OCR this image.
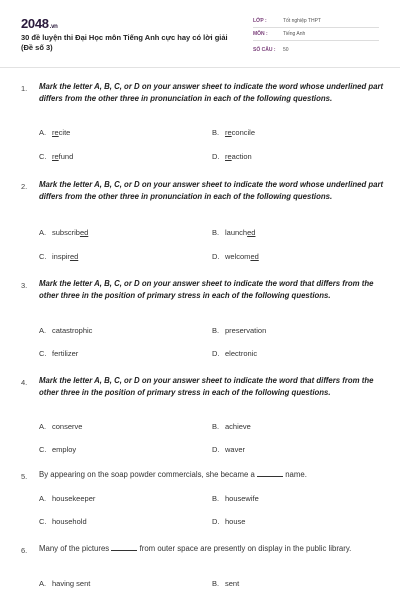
2048.vn
30 đề luyện thi Đại Học môn Tiếng Anh cực hay có lời giải
(Đề số 3)
LỚP :	Tốt nghiệp THPT
MÔN :	Tiếng Anh
SỐ CÂU : 50
1. Mark the letter A, B, C, or D on your answer sheet to indicate the word whose underlined part differs from the other three in pronunciation in each of the following questions.
A. recite	B. reconcile
C. refund	D. reaction
2. Mark the letter A, B, C, or D on your answer sheet to indicate the word whose underlined part differs from the other three in pronunciation in each of the following questions.
A. subscribed	B. launched
C. inspired	D. welcomed
3. Mark the letter A, B, C, or D on your answer sheet to indicate the word that differs from the other three in the position of primary stress in each of the following questions.
A. catastrophic	B. preservation
C. fertilizer	D. electronic
4. Mark the letter A, B, C, or D on your answer sheet to indicate the word that differs from the other three in the position of primary stress in each of the following questions.
A. conserve	B. achieve
C. employ	D. waver
5. By appearing on the soap powder commercials, she became a	name.
A. housekeeper	B. housewife
C. household	D. house
6. Many of the pictures	from outer space are presently on display in the public library.
A. having sent	B. sent
